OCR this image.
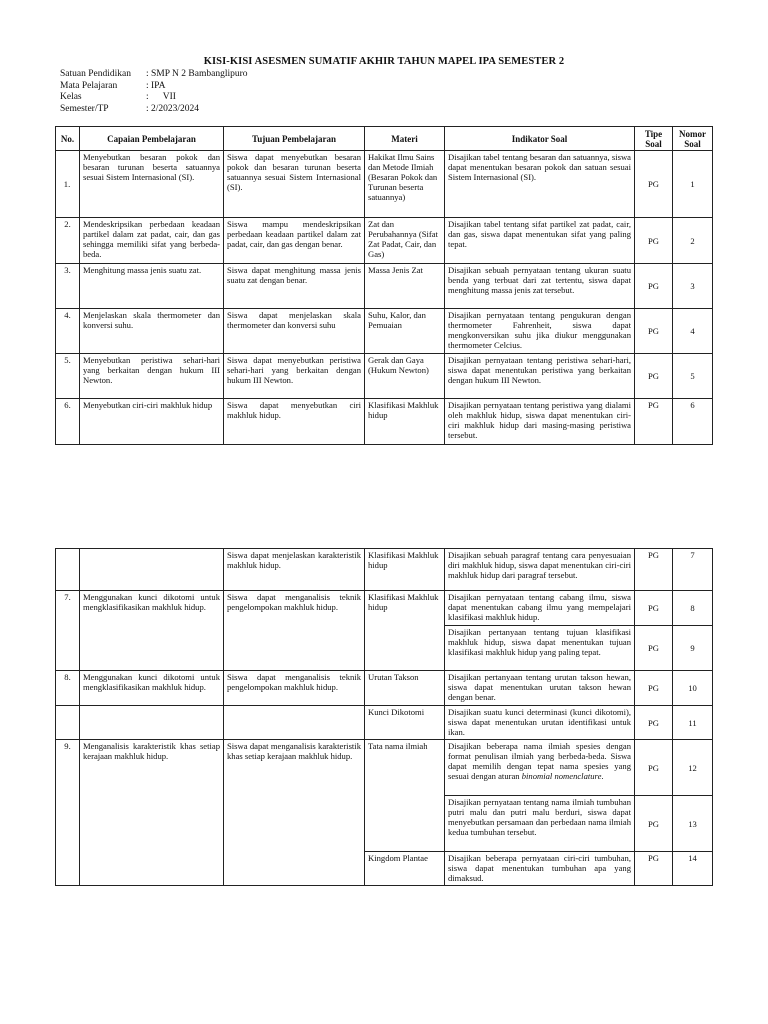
KISI-KISI ASESMEN SUMATIF AKHIR TAHUN MAPEL IPA SEMESTER 2
Satuan Pendidikan	: SMP N 2 Bambanglipuro
Mata Pelajaran	: IPA
Kelas	:      VII
Semester/TP	: 2/2023/2024
No.	Capaian Pembelajaran	Tujuan Pembelajaran	Materi	Indikator Soal	Tipe Soal	Nomor Soal
1.	Menyebutkan besaran pokok dan besaran turunan beserta satuannya sesuai Sistem Internasional (SI).	Siswa dapat menyebutkan besaran pokok dan besaran turunan beserta satuannya sesuai Sistem Internasional (SI).	Hakikat Ilmu Sains dan Metode Ilmiah (Besaran Pokok dan Turunan beserta satuannya)	Disajikan tabel tentang besaran dan satuannya, siswa dapat menentukan besaran pokok dan satuan sesuai Sistem Internasional (SI).	PG	1
2.	Mendeskripsikan perbedaan keadaan partikel dalam zat padat, cair, dan gas sehingga memiliki sifat yang berbeda-beda.	Siswa mampu mendeskripsikan perbedaan keadaan partikel dalam zat padat, cair, dan gas dengan benar.	Zat dan Perubahannya (Sifat Zat Padat, Cair, dan Gas)	Disajikan tabel tentang sifat partikel zat padat, cair, dan gas, siswa dapat menentukan sifat yang paling tepat.	PG	2
3.	Menghitung massa jenis suatu zat.	Siswa dapat menghitung massa jenis suatu zat dengan benar.	Massa Jenis Zat	Disajikan sebuah pernyataan tentang ukuran suatu benda yang terbuat dari zat tertentu, siswa dapat menghitung massa jenis zat tersebut.	PG	3
4.	Menjelaskan skala thermometer dan konversi suhu.	Siswa dapat menjelaskan skala thermometer dan konversi suhu	Suhu, Kalor, dan Pemuaian	Disajikan pernyataan tentang pengukuran dengan thermometer Fahrenheit, siswa dapat mengkonversikan suhu jika diukur menggunakan thermometer Celcius.	PG	4
5.	Menyebutkan peristiwa sehari-hari yang berkaitan dengan hukum III Newton.	Siswa dapat menyebutkan peristiwa sehari-hari yang berkaitan dengan hukum III Newton.	Gerak dan Gaya (Hukum Newton)	Disajikan pernyataan tentang peristiwa sehari-hari, siswa dapat menentukan peristiwa yang berkaitan dengan hukum III Newton.	PG	5
6.	Menyebutkan ciri-ciri makhluk hidup	Siswa dapat menyebutkan ciri makhluk hidup.	Klasifikasi Makhluk hidup	Disajikan pernyataan tentang peristiwa yang dialami oleh makhluk hidup, siswa dapat menentukan ciri-ciri makhluk hidup dari masing-masing peristiwa tersebut.	PG	6
		Siswa dapat menjelaskan karakteristik makhluk hidup.	Klasifikasi Makhluk hidup	Disajikan sebuah paragraf tentang cara penyesuaian diri makhluk hidup, siswa dapat menentukan ciri-ciri makhluk hidup dari paragraf tersebut.	PG	7
7.	Menggunakan kunci dikotomi untuk mengklasifikasikan makhluk hidup.	Siswa dapat menganalisis teknik pengelompokan makhluk hidup.	Klasifikasi Makhluk hidup	Disajikan pernyataan tentang cabang ilmu, siswa dapat menentukan cabang ilmu yang mempelajari klasifikasi makhluk hidup.	PG	8
				Disajikan pertanyaan tentang tujuan klasifikasi makhluk hidup, siswa dapat menentukan tujuan klasifikasi makhluk hidup yang paling tepat.	PG	9
8.	Menggunakan kunci dikotomi untuk mengklasifikasikan makhluk hidup.	Siswa dapat menganalisis teknik pengelompokan makhluk hidup.	Urutan Takson	Disajikan pertanyaan tentang urutan takson hewan, siswa dapat menentukan urutan takson hewan dengan benar.	PG	10
			Kunci Dikotomi	Disajikan suatu kunci determinasi (kunci dikotomi), siswa dapat menentukan urutan identifikasi untuk ikan.	PG	11
9.	Menganalisis karakteristik khas setiap kerajaan makhluk hidup.	Siswa dapat menganalisis karakteristik khas setiap kerajaan makhluk hidup.	Tata nama ilmiah	Disajikan beberapa nama ilmiah spesies dengan format penulisan ilmiah yang berbeda-beda. Siswa dapat memilih dengan tepat nama spesies yang sesuai dengan aturan binomial nomenclature.	PG	12
				Disajikan pernyataan tentang nama ilmiah tumbuhan putri malu dan putri malu berduri, siswa dapat menyebutkan persamaan dan perbedaan nama ilmiah kedua tumbuhan tersebut.	PG	13
			Kingdom Plantae	Disajikan beberapa pernyataan ciri-ciri tumbuhan, siswa dapat menentukan tumbuhan apa yang dimaksud.	PG	14
